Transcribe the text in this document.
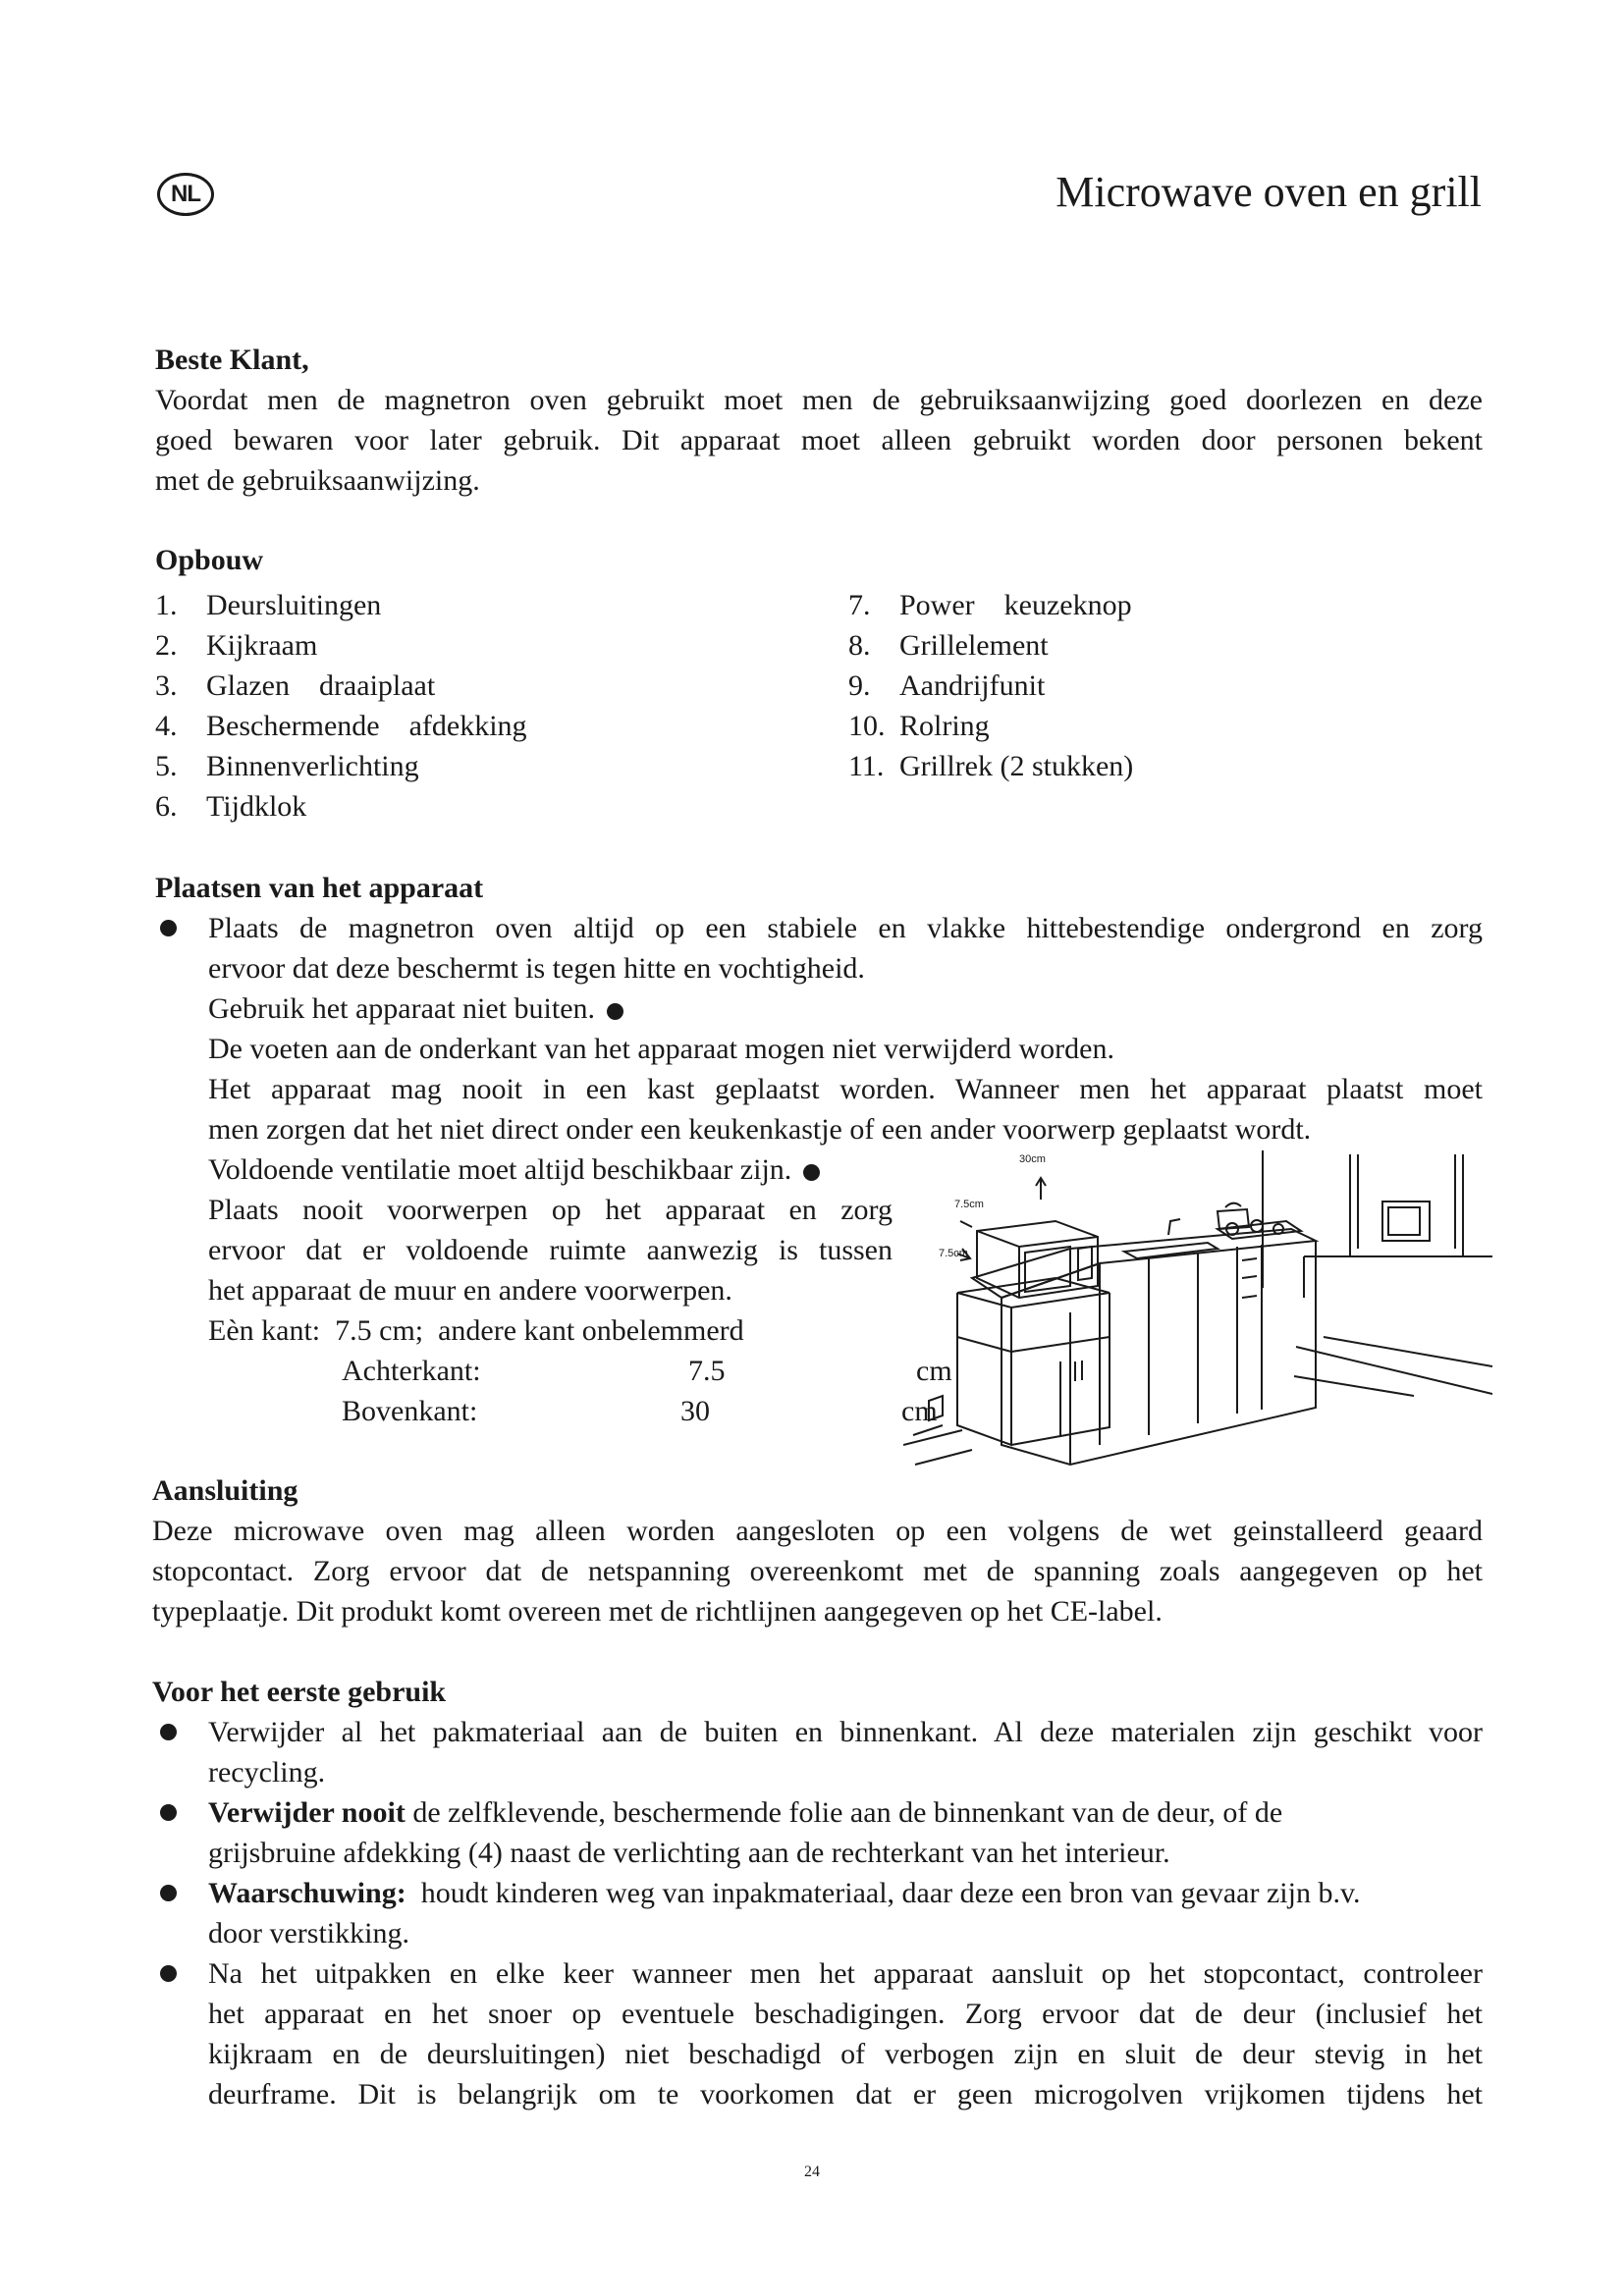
NL	Microwave oven en grill
Beste Klant,
Voordat men de magnetron oven gebruikt moet men de gebruiksaanwijzing goed doorlezen en deze
goed bewaren voor later gebruik. Dit apparaat moet alleen gebruikt worden door personen bekent
met de gebruiksaanwijzing.
Opbouw
1. Deursluitingen
2. Kijkraam
3. Glazen    draaiplaat
4. Beschermende    afdekking
5. Binnenverlichting
6. Tijdklok
7. Power    keuzeknop
8. Grillelement
9. Aandrijfunit
10. Rolring
11. Grillrek (2 stukken)
Plaatsen van het apparaat
Plaats de magnetron oven altijd op een stabiele en vlakke hittebestendige ondergrond en zorg
ervoor dat deze beschermt is tegen hitte en vochtigheid.
Gebruik het apparaat niet buiten.
De voeten aan de onderkant van het apparaat mogen niet verwijderd worden.
Het apparaat mag nooit in een kast geplaatst worden. Wanneer men het apparaat plaatst moet
men zorgen dat het niet direct onder een keukenkastje of een ander voorwerp geplaatst wordt.
Voldoende ventilatie moet altijd beschikbaar zijn.
Plaats nooit voorwerpen op het apparaat en zorg
ervoor dat er voldoende ruimte aanwezig is tussen
het apparaat de muur en andere voorwerpen.
Eèn kant:  7.5 cm;  andere kant onbelemmerd
Achterkant:	7.5	cm
Bovenkant:	30	cm
30cm
7.5cm
7.5cm
Aansluiting
Deze microwave oven mag alleen worden aangesloten op een volgens de wet geinstalleerd geaard
stopcontact. Zorg ervoor dat de netspanning overeenkomt met de spanning zoals aangegeven op het
typeplaatje. Dit produkt komt overeen met de richtlijnen aangegeven op het CE-label.
Voor het eerste gebruik
Verwijder al het pakmateriaal aan de buiten en binnenkant. Al deze materialen zijn geschikt voor
recycling.
Verwijder nooit de zelfklevende, beschermende folie aan de binnenkant van de deur, of de
grijsbruine afdekking (4) naast de verlichting aan de rechterkant van het interieur.
Waarschuwing:  houdt kinderen weg van inpakmateriaal, daar deze een bron van gevaar zijn b.v.
door verstikking.
Na het uitpakken en elke keer wanneer men het apparaat aansluit op het stopcontact, controleer
het apparaat en het snoer op eventuele beschadigingen. Zorg ervoor dat de deur (inclusief het
kijkraam en de deursluitingen) niet beschadigd of verbogen zijn en sluit de deur stevig in het
deurframe. Dit is belangrijk om te voorkomen dat er geen microgolven vrijkomen tijdens het
24
